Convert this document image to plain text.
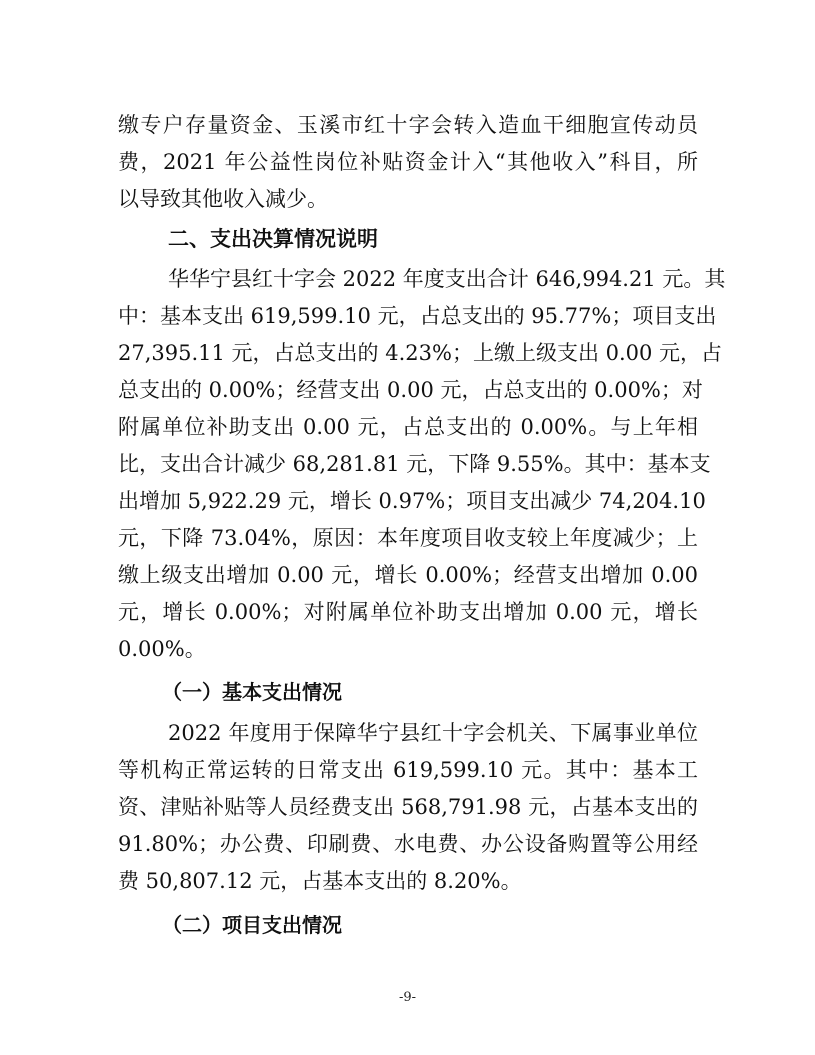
缴专户存量资金、玉溪市红十字会转入造血干细胞宣传动员
费，2021 年公益性岗位补贴资金计入“其他收入”科目，所
以导致其他收入减少。
二、支出决算情况说明
华华宁县红十字会 2022 年度支出合计 646,994.21 元。其
中：基本支出 619,599.10 元，占总支出的 95.77%；项目支出
27,395.11 元，占总支出的 4.23%；上缴上级支出 0.00 元，占
总支出的 0.00%；经营支出 0.00 元，占总支出的 0.00%；对
附属单位补助支出 0.00 元，占总支出的 0.00%。与上年相
比，支出合计减少 68,281.81 元，下降 9.55%。其中：基本支
出增加 5,922.29 元，增长 0.97%；项目支出减少 74,204.10
元，下降 73.04%，原因：本年度项目收支较上年度减少；上
缴上级支出增加 0.00 元，增长 0.00%；经营支出增加 0.00
元，增长 0.00%；对附属单位补助支出增加 0.00 元，增长
0.00%。
（一）基本支出情况
2022 年度用于保障华宁县红十字会机关、下属事业单位
等机构正常运转的日常支出 619,599.10 元。其中：基本工
资、津贴补贴等人员经费支出 568,791.98 元，占基本支出的
91.80%；办公费、印刷费、水电费、办公设备购置等公用经
费 50,807.12 元，占基本支出的 8.20%。
（二）项目支出情况
-9-
